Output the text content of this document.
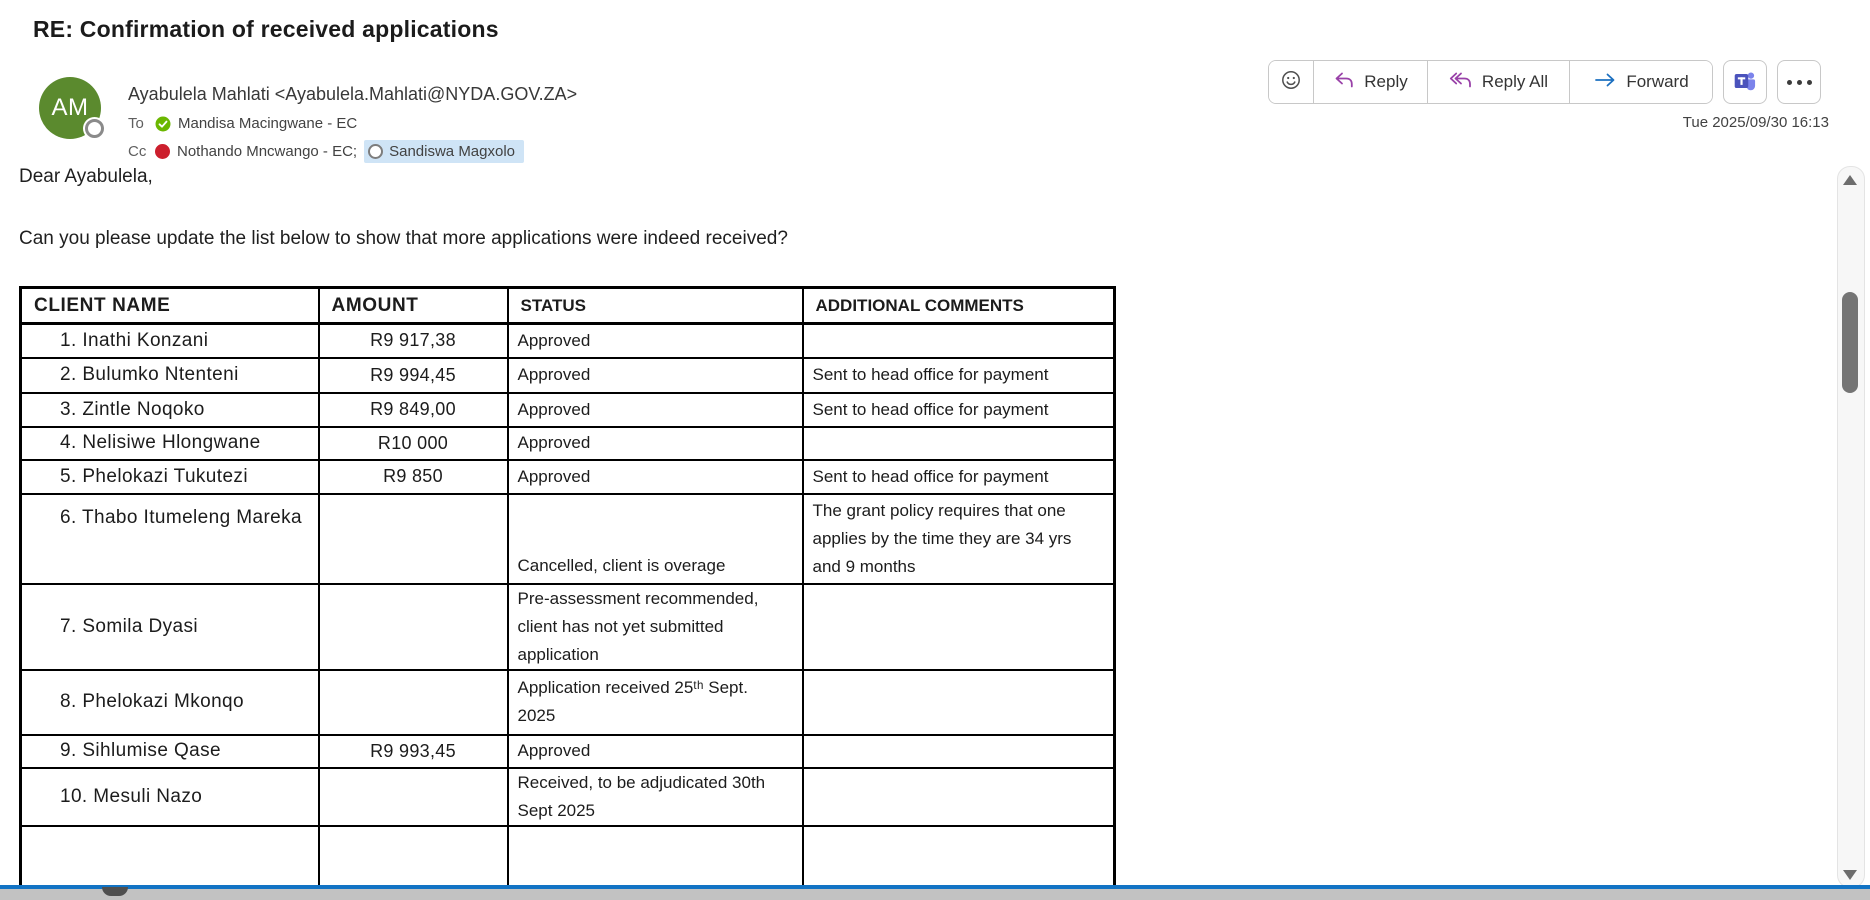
RE: Confirmation of received applications
AM Ayabulela Mahlati <Ayabulela.Mahlati@NYDA.GOV.ZA>
To Mandisa Macingwane - EC
Cc Nothando Mncwango - EC; Sandiswa Magxolo
Reply	Reply All	Forward
Tue 2025/09/30 16:13
Dear Ayabulela,
Can you please update the list below to show that more applications were indeed received?
CLIENT NAME	AMOUNT	STATUS	ADDITIONAL COMMENTS
1. Inathi Konzani	R9 917,38	Approved	
2. Bulumko Ntenteni	R9 994,45	Approved	Sent to head office for payment
3. Zintle Noqoko	R9 849,00	Approved	Sent to head office for payment
4. Nelisiwe Hlongwane	R10 000	Approved	
5. Phelokazi Tukutezi	R9 850	Approved	Sent to head office for payment
6. Thabo Itumeleng Mareka		Cancelled, client is overage	The grant policy requires that one applies by the time they are 34 yrs and 9 months
7. Somila Dyasi		Pre-assessment recommended, client has not yet submitted application	
8. Phelokazi Mkonqo		Application received 25ᵗʰ Sept. 2025	
9. Sihlumise Qase	R9 993,45	Approved	
10. Mesuli Nazo		Received, to be adjudicated 30th Sept 2025	
